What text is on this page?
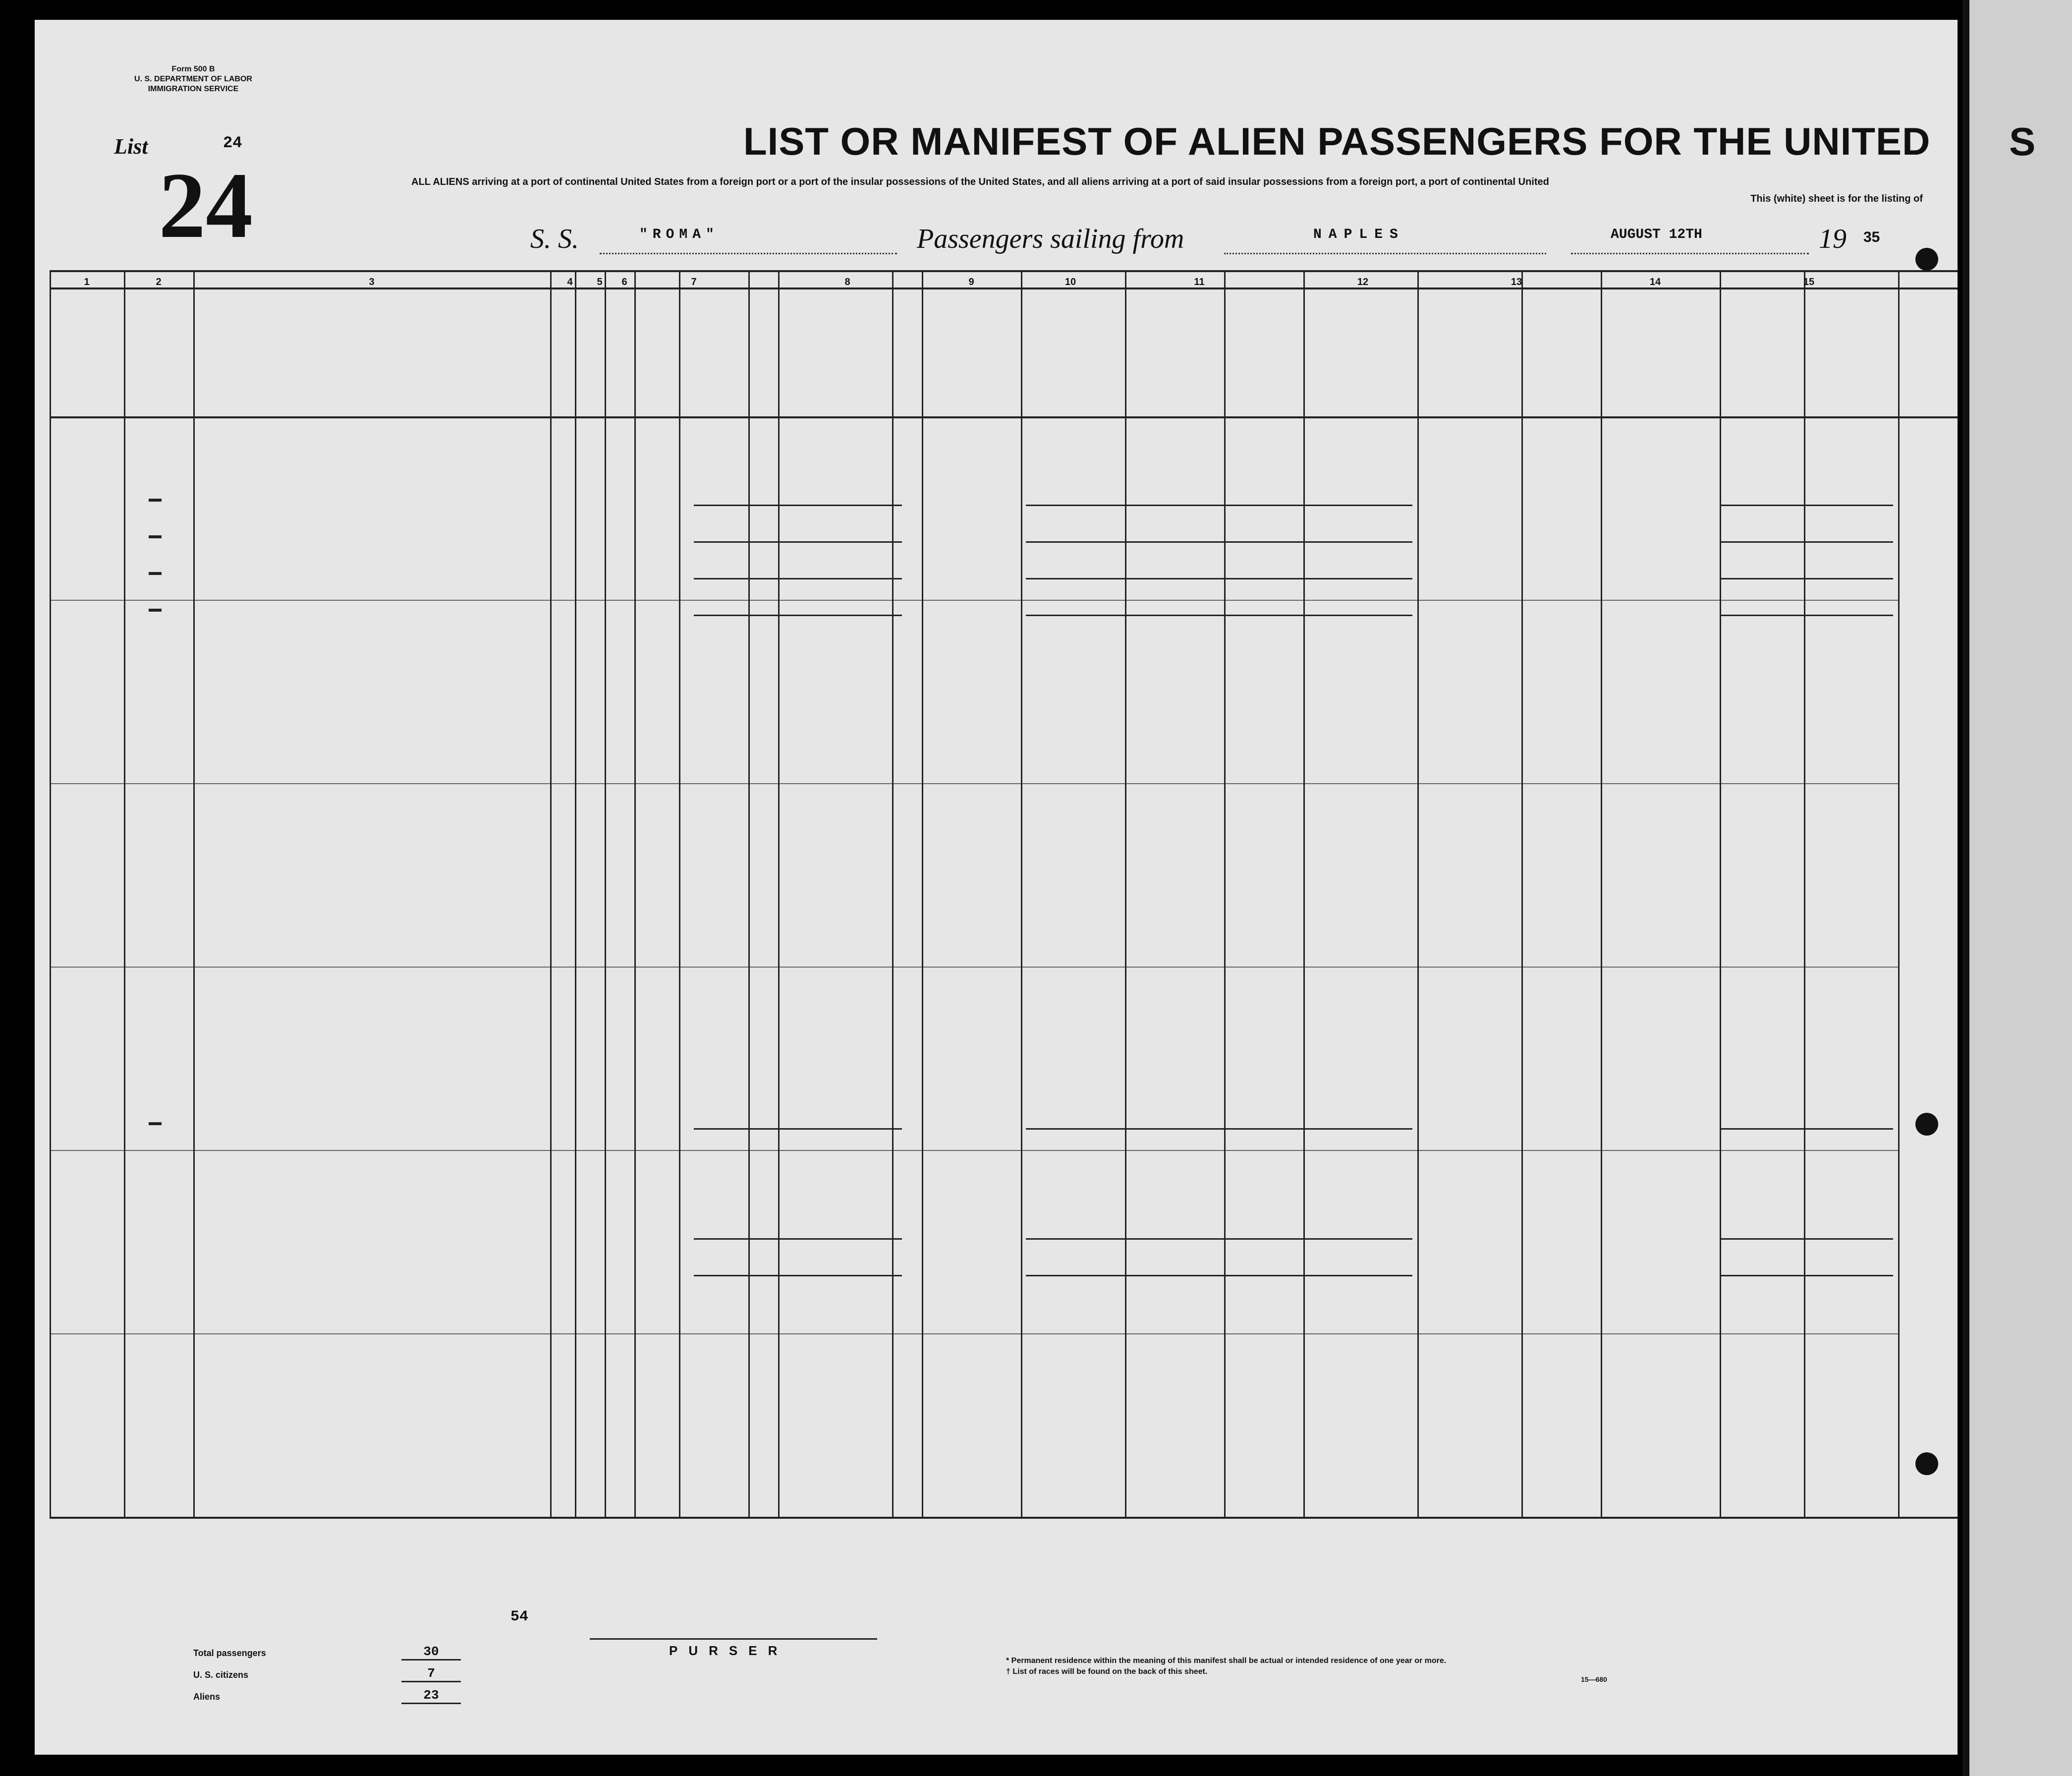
Form 500 B
U. S. DEPARTMENT OF LABOR
IMMIGRATION SERVICE
List	24
24
LIST OR MANIFEST OF ALIEN PASSENGERS FOR THE UNITED
ALL ALIENS arriving at a port of continental United States from a foreign port or a port of the insular possessions of the United States, and all aliens arriving at a port of said insular possessions from a foreign port, a port of continental United
This (white) sheet is for the listing of
S. S.	"ROMA"	Passengers sailing from	NAPLES	AUGUST 12TH	19 35
54
PURSER
Total passengers	30
U. S. citizens	7
Aliens	23
* Permanent residence within the meaning of this manifest shall be actual or intended residence of one year or more.
† List of races will be found on the back of this sheet.
15—680
1	2	3	4	5	6	7	8	9	10	11	12	13	14	15
S
